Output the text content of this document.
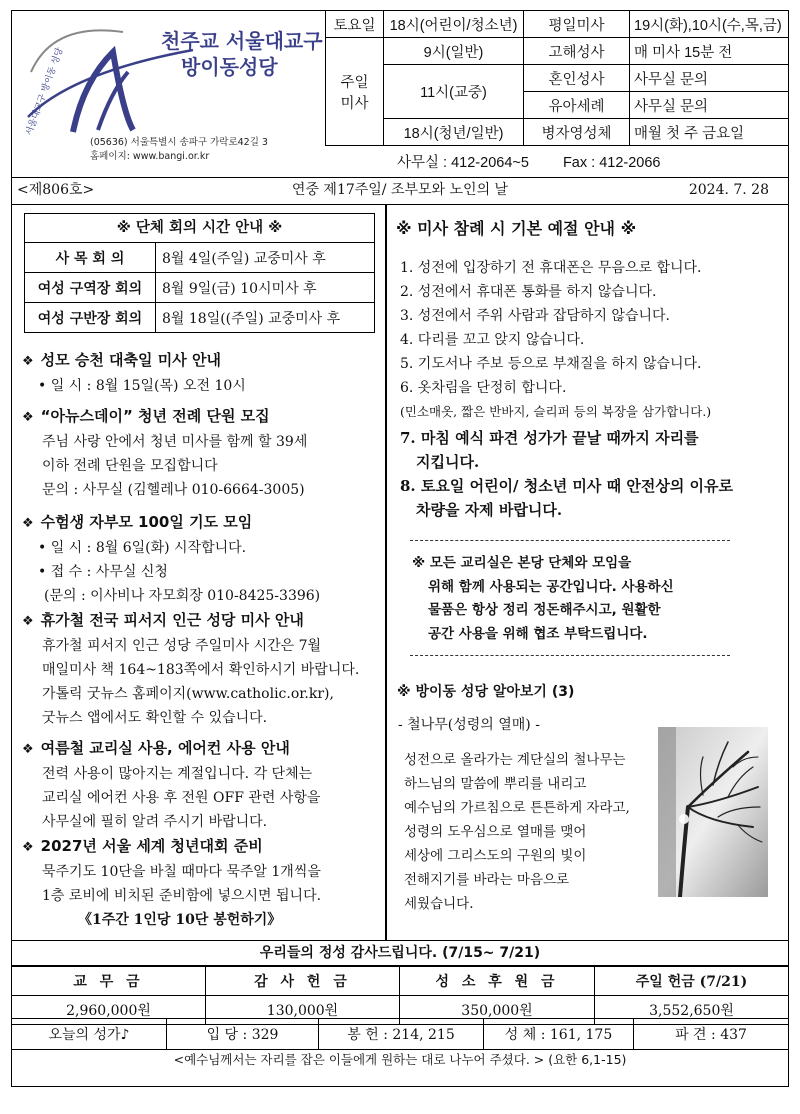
천주교 서울대교구
방이동성당
서울대교구 방이동 성당
(05636) 서울특별시 송파구 가락로42길 3
홈페이지: www.bangi.or.kr
토요일	18시(어린이/청소년)	평일미사	19시(화),10시(수,목,금)
주일미사	9시(일반)	고해성사	매 미사 15분 전
	11시(교중)	혼인성사	사무실 문의
		유아세례	사무실 문의
	18시(청년/일반)	병자영성체	매월 첫 주 금요일
사무실 : 412-2064~5 Fax : 412-2066
<제806호>	연중 제17주일/ 조부모와 노인의 날	2024. 7. 28
※ 단체 회의 시간 안내 ※
사 목 회 의	8월 4일(주일) 교중미사 후
여성 구역장 회의	8월 9일(금) 10시미사 후
여성 구반장 회의	8월 18일((주일) 교중미사 후
❖ 성모 승천 대축일 미사 안내
• 일 시 : 8월 15일(목) 오전 10시
❖ “아뉴스데이” 청년 전례 단원 모집
주님 사랑 안에서 청년 미사를 함께 할 39세
이하 전례 단원을 모집합니다
문의 : 사무실 (김헬레나 010-6664-3005)
❖ 수험생 자부모 100일 기도 모임
• 일 시 : 8월 6일(화) 시작합니다.
• 접 수 : 사무실 신청
(문의 : 이사비나 자모회장 010-8425-3396)
❖ 휴가철 전국 피서지 인근 성당 미사 안내
휴가철 피서지 인근 성당 주일미사 시간은 7월
매일미사 책 164~183쪽에서 확인하시기 바랍니다.
가톨릭 굿뉴스 홈페이지(www.catholic.or.kr),
굿뉴스 앱에서도 확인할 수 있습니다.
❖ 여름철 교리실 사용, 에어컨 사용 안내
전력 사용이 많아지는 계절입니다. 각 단체는
교리실 에어컨 사용 후 전원 OFF 관련 사항을
사무실에 필히 알려 주시기 바랍니다.
❖ 2027년 서울 세계 청년대회 준비
묵주기도 10단을 바칠 때마다 묵주알 1개씩을
1층 로비에 비치된 준비함에 넣으시면 됩니다.
《1주간 1인당 10단 봉헌하기》
※ 미사 참례 시 기본 예절 안내 ※
1. 성전에 입장하기 전 휴대폰은 무음으로 합니다.
2. 성전에서 휴대폰 통화를 하지 않습니다.
3. 성전에서 주위 사람과 잡담하지 않습니다.
4. 다리를 꼬고 앉지 않습니다.
5. 기도서나 주보 등으로 부채질을 하지 않습니다.
6. 옷차림을 단정히 합니다.
(민소매옷, 짧은 반바지, 슬리퍼 등의 복장을 삼가합니다.)
7. 마침 예식 파견 성가가 끝날 때까지 자리를
지킵니다.
8. 토요일 어린이/ 청소년 미사 때 안전상의 이유로
차량을 자제 바랍니다.
※ 모든 교리실은 본당 단체와 모임을
위해 함께 사용되는 공간입니다. 사용하신
물품은 항상 정리 정돈해주시고, 원활한
공간 사용을 위해 협조 부탁드립니다.
※ 방이동 성당 알아보기 (3)
- 철나무(성령의 열매) -
성전으로 올라가는 계단실의 철나무는
하느님의 말씀에 뿌리를 내리고
예수님의 가르침으로 튼튼하게 자라고,
성령의 도우심으로 열매를 맺어
세상에 그리스도의 구원의 빛이
전해지기를 바라는 마음으로
세웠습니다.
우리들의 정성 감사드립니다. (7/15~ 7/21)
교 무 금	감 사 헌 금	성 소 후 원 금	주일 헌금 (7/21)
2,960,000원	130,000원	350,000원	3,552,650원
오늘의 성가♪	입 당 : 329	봉 헌 : 214, 215	성 체 : 161, 175	파 견 : 437
<예수님께서는 자리를 잡은 이들에게 원하는 대로 나누어 주셨다. > (요한 6,1-15)
